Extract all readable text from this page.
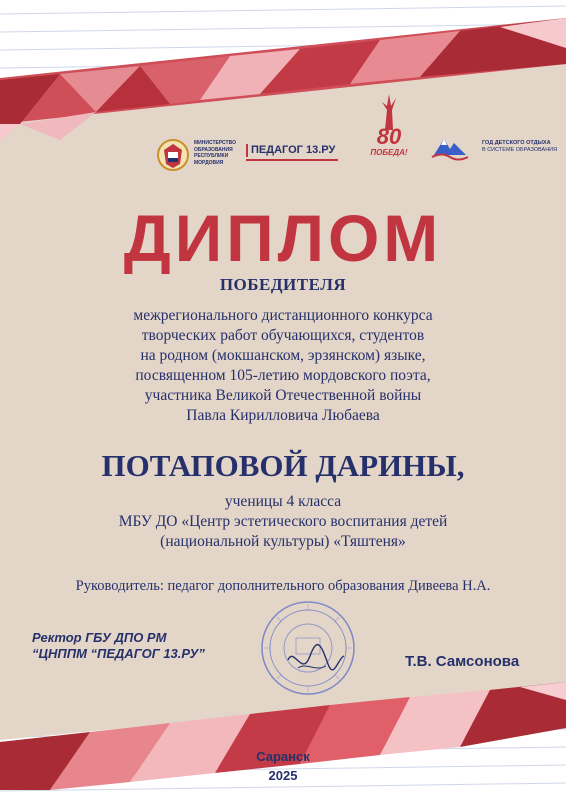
МИНИСТЕРСТВО
ОБРАЗОВАНИЯ
РЕСПУБЛИКИ
МОРДОВИЯ
ПЕДАГОГ 13.РУ
80
ПОБЕДА!
ГОД ДЕТСКОГО ОТДЫХА
В СИСТЕМЕ ОБРАЗОВАНИЯ
ДИПЛОМ
ПОБЕДИТЕЛЯ
межрегионального дистанционного конкурса
творческих работ обучающихся, студентов
на родном (мокшанском, эрзянском) языке,
посвященном 105-летию мордовского поэта,
участника Великой Отечественной войны
Павла Кирилловича Любаева
ПОТАПОВОЙ ДАРИНЫ,
ученицы 4 класса
МБУ ДО «Центр эстетического воспитания детей
(национальной культуры) «Тяштеня»
Руководитель: педагог дополнительного образования Дивеева Н.А.
Ректор ГБУ ДПО РМ
“ЦНППМ “ПЕДАГОГ 13.РУ”	Т.В. Самсонова
Саранск
2025
